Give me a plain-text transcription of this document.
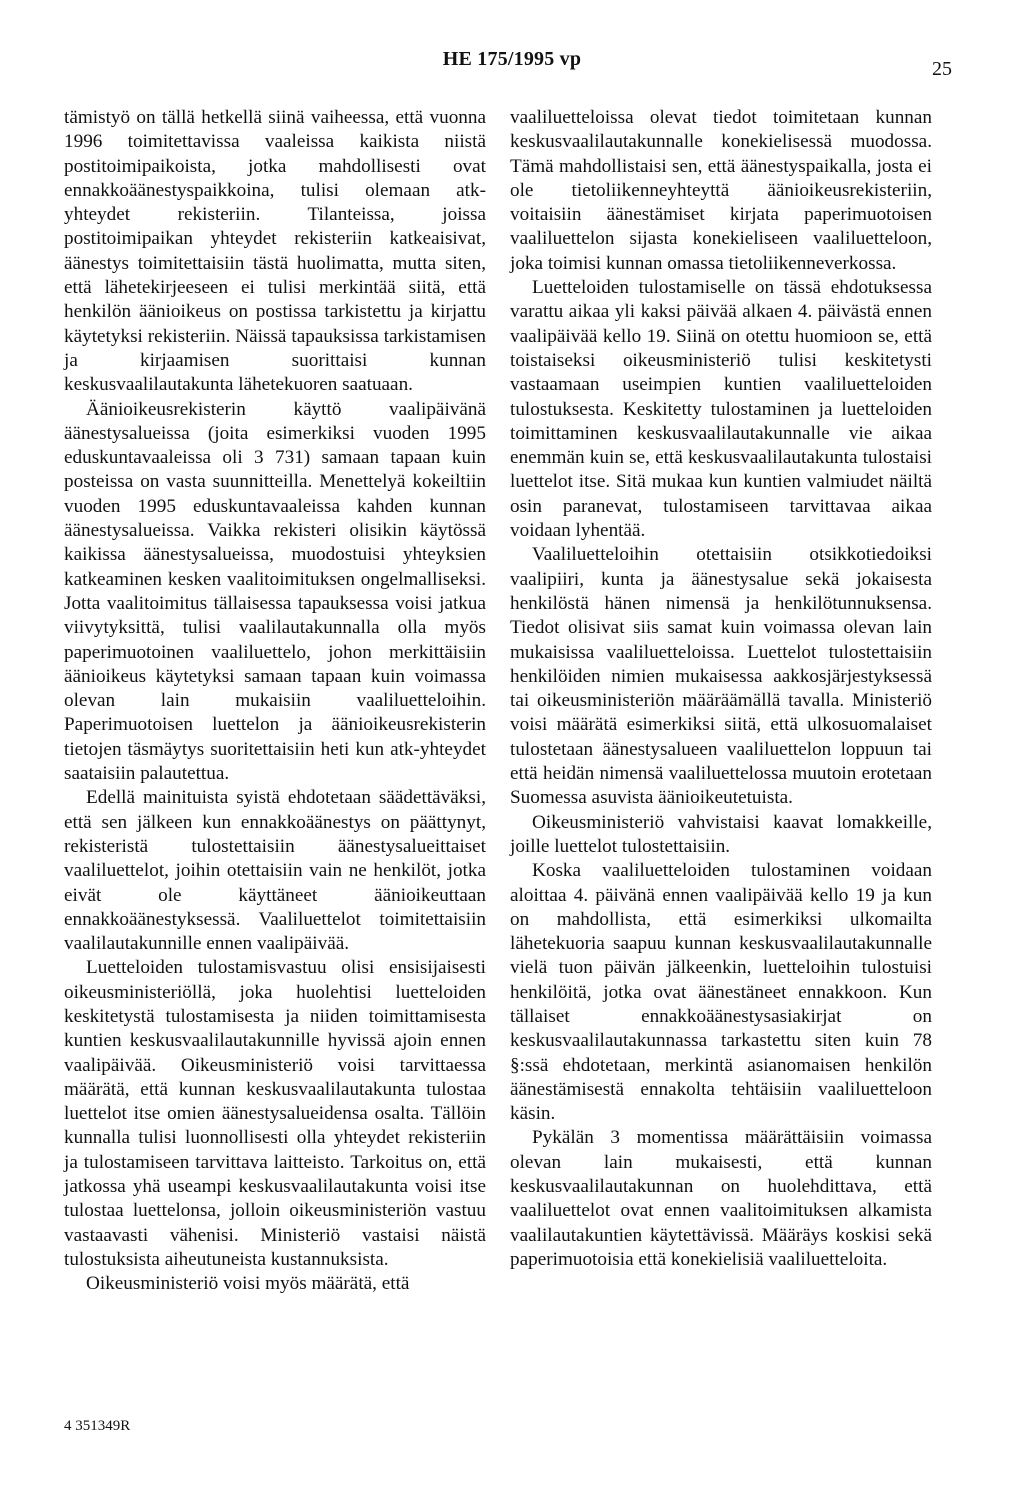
HE 175/1995 vp	25

tämistyö on tällä hetkellä siinä vaiheessa, että vuonna 1996 toimitettavissa vaaleissa kaikista niistä postitoimipaikoista, jotka mahdollisesti ovat ennakkoäänestyspaikkoina, tulisi olemaan atk-yhteydet rekisteriin. Tilanteissa, joissa postitoimipaikan yhteydet rekisteriin katkeaisivat, äänestys toimitettaisiin tästä huolimatta, mutta siten, että lähetekirjeeseen ei tulisi merkintää siitä, että henkilön äänioikeus on postissa tarkistettu ja kirjattu käytetyksi rekisteriin. Näissä tapauksissa tarkistamisen ja kirjaamisen suorittaisi kunnan keskusvaalilautakunta lähetekuoren saatuaan.

Äänioikeusrekisterin käyttö vaalipäivänä äänestysalueissa (joita esimerkiksi vuoden 1995 eduskuntavaaleissa oli 3 731) samaan tapaan kuin posteissa on vasta suunnitteilla. Menettelyä kokeiltiin vuoden 1995 eduskuntavaaleissa kahden kunnan äänestysalueissa. Vaikka rekisteri olisikin käytössä kaikissa äänestysalueissa, muodostuisi yhteyksien katkeaminen kesken vaalitoimituksen ongelmalliseksi. Jotta vaalitoimitus tällaisessa tapauksessa voisi jatkua viivytyksittä, tulisi vaalilautakunnalla olla myös paperimuotoinen vaaliluettelo, johon merkittäisiin äänioikeus käytetyksi samaan tapaan kuin voimassa olevan lain mukaisiin vaaliluetteloihin. Paperimuotoisen luettelon ja äänioikeusrekisterin tietojen täsmäytys suoritettaisiin heti kun atk-yhteydet saataisiin palautettua.

Edellä mainituista syistä ehdotetaan säädettäväksi, että sen jälkeen kun ennakkoäänestys on päättynyt, rekisteristä tulostettaisiin äänestysalueittaiset vaaliluettelot, joihin otettaisiin vain ne henkilöt, jotka eivät ole käyttäneet äänioikeuttaan ennakkoäänestyksessä. Vaaliluettelot toimitettaisiin vaalilautakunnille ennen vaalipäivää.

Luetteloiden tulostamisvastuu olisi ensisijaisesti oikeusministeriöllä, joka huolehtisi luetteloiden keskitetystä tulostamisesta ja niiden toimittamisesta kuntien keskusvaalilautakunnille hyvissä ajoin ennen vaalipäivää. Oikeusministeriö voisi tarvittaessa määrätä, että kunnan keskusvaalilautakunta tulostaa luettelot itse omien äänestysalueidensa osalta. Tällöin kunnalla tulisi luonnollisesti olla yhteydet rekisteriin ja tulostamiseen tarvittava laitteisto. Tarkoitus on, että jatkossa yhä useampi keskusvaalilautakunta voisi itse tulostaa luettelonsa, jolloin oikeusministeriön vastuu vastaavasti vähenisi. Ministeriö vastaisi näistä tulostuksista aiheutuneista kustannuksista.

Oikeusministeriö voisi myös määrätä, että

vaaliluetteloissa olevat tiedot toimitetaan kunnan keskusvaalilautakunnalle konekielisessä muodossa. Tämä mahdollistaisi sen, että äänestyspaikalla, josta ei ole tietoliikenneyhteyttä äänioikeusrekisteriin, voitaisiin äänestämiset kirjata paperimuotoisen vaaliluettelon sijasta konekieliseen vaaliluetteloon, joka toimisi kunnan omassa tietoliikenneverkossa.

Luetteloiden tulostamiselle on tässä ehdotuksessa varattu aikaa yli kaksi päivää alkaen 4. päivästä ennen vaalipäivää kello 19. Siinä on otettu huomioon se, että toistaiseksi oikeusministeriö tulisi keskitetysti vastaamaan useimpien kuntien vaaliluetteloiden tulostuksesta. Keskitetty tulostaminen ja luetteloiden toimittaminen keskusvaalilautakunnalle vie aikaa enemmän kuin se, että keskusvaalilautakunta tulostaisi luettelot itse. Sitä mukaa kun kuntien valmiudet näiltä osin paranevat, tulostamiseen tarvittavaa aikaa voidaan lyhentää.

Vaaliluetteloihin otettaisiin otsikkotiedoiksi vaalipiiri, kunta ja äänestysalue sekä jokaisesta henkilöstä hänen nimensä ja henkilötunnuksensa. Tiedot olisivat siis samat kuin voimassa olevan lain mukaisissa vaaliluetteloissa. Luettelot tulostettaisiin henkilöiden nimien mukaisessa aakkosjärjestyksessä tai oikeusministeriön määräämällä tavalla. Ministeriö voisi määrätä esimerkiksi siitä, että ulkosuomalaiset tulostetaan äänestysalueen vaaliluettelon loppuun tai että heidän nimensä vaaliluettelossa muutoin erotetaan Suomessa asuvista äänioikeutetuista.

Oikeusministeriö vahvistaisi kaavat lomakkeille, joille luettelot tulostettaisiin.

Koska vaaliluetteloiden tulostaminen voidaan aloittaa 4. päivänä ennen vaalipäivää kello 19 ja kun on mahdollista, että esimerkiksi ulkomailta lähetekuoria saapuu kunnan keskusvaalilautakunnalle vielä tuon päivän jälkeenkin, luetteloihin tulostuisi henkilöitä, jotka ovat äänestäneet ennakkoon. Kun tällaiset ennakkoäänestysasiakirjat on keskusvaalilautakunnassa tarkastettu siten kuin 78 §:ssä ehdotetaan, merkintä asianomaisen henkilön äänestämisestä ennakolta tehtäisiin vaaliluetteloon käsin.

Pykälän 3 momentissa määrättäisiin voimassa olevan lain mukaisesti, että kunnan keskusvaalilautakunnan on huolehdittava, että vaaliluettelot ovat ennen vaalitoimituksen alkamista vaalilautakuntien käytettävissä. Määräys koskisi sekä paperimuotoisia että konekielisiä vaaliluetteloita.

4 351349R
